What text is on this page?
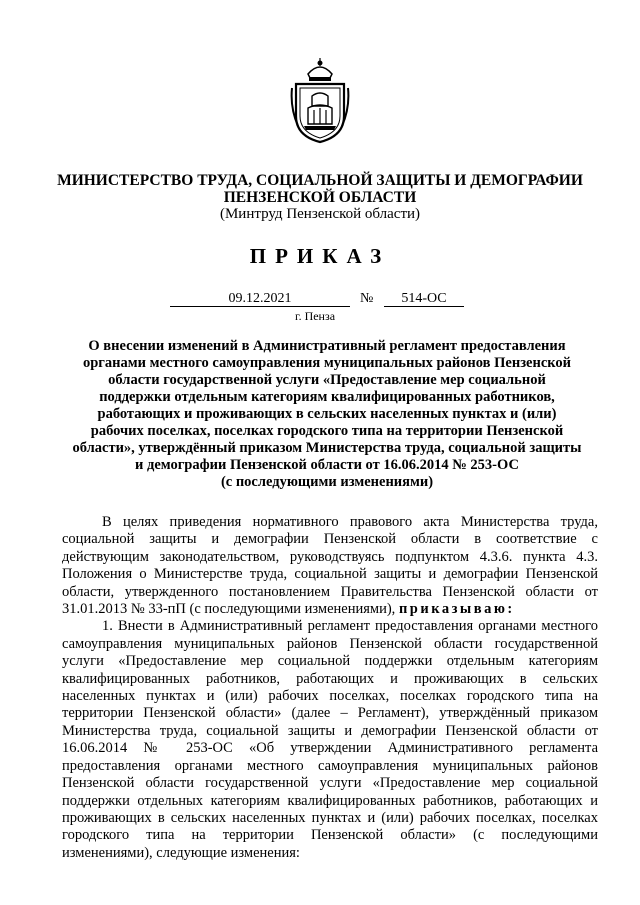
МИНИСТЕРСТВО ТРУДА, СОЦИАЛЬНОЙ ЗАЩИТЫ И ДЕМОГРАФИИ
ПЕНЗЕНСКОЙ ОБЛАСТИ
(Минтруд Пензенской области)
ПРИКАЗ
09.12.2021	№	514-ОС
г. Пенза
О внесении изменений в Административный регламент предоставления
органами местного самоуправления муниципальных районов Пензенской
области государственной услуги «Предоставление мер социальной
поддержки отдельным категориям квалифицированных работников,
работающих и проживающих в сельских населенных пунктах и (или)
рабочих поселках, поселках городского типа на территории Пензенской
области», утверждённый приказом Министерства труда, социальной защиты
и демографии Пензенской области от 16.06.2014 № 253-ОС
(с последующими изменениями)

В целях приведения нормативного правового акта Министерства труда, социальной защиты и демографии Пензенской области в соответствие с действующим законодательством, руководствуясь подпунктом 4.3.6. пункта 4.3. Положения о Министерстве труда, социальной защиты и демографии Пензенской области, утвержденного постановлением Правительства Пензенской области от 31.01.2013 № 33-пП (с последующими изменениями), приказываю:

1. Внести в Административный регламент предоставления органами местного самоуправления муниципальных районов Пензенской области государственной услуги «Предоставление мер социальной поддержки отдельным категориям квалифицированных работников, работающих и проживающих в сельских населенных пунктах и (или) рабочих поселках, поселках городского типа на территории Пензенской области» (далее – Регламент), утверждённый приказом Министерства труда, социальной защиты и демографии Пензенской области от 16.06.2014 № 253-ОС «Об утверждении Административного регламента предоставления органами местного самоуправления муниципальных районов Пензенской области государственной услуги «Предоставление мер социальной поддержки отдельных категориям квалифицированных работников, работающих и проживающих в сельских населенных пунктах и (или) рабочих поселках, поселках городского типа на территории Пензенской области» (с последующими изменениями), следующие изменения:
